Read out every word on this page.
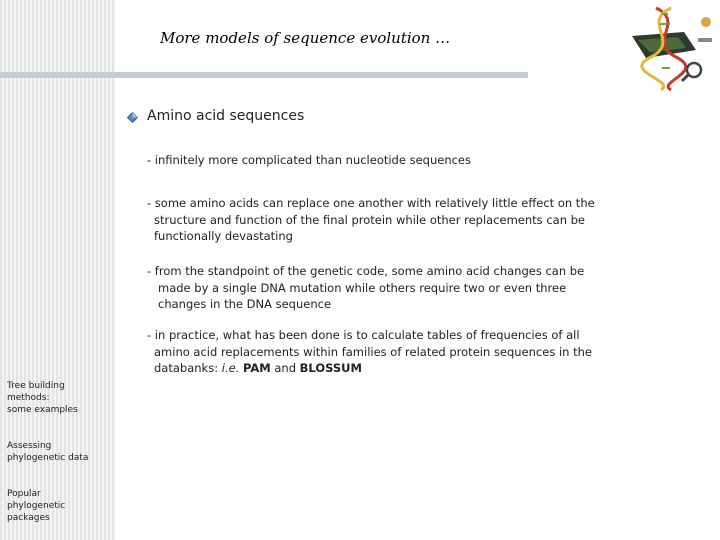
More models of sequence evolution …
Amino acid sequences
- infinitely more complicated than nucleotide sequences
- some amino acids can replace one another with relatively little effect on the
structure and function of the final protein while other replacements can be
functionally devastating
- from the standpoint of the genetic code, some amino acid changes can be
made by a single DNA mutation while others require two or even three
changes in the DNA sequence
- in practice, what has been done is to calculate tables of frequencies of all
amino acid replacements within families of related protein sequences in the
databanks: i.e. PAM and BLOSSUM
Tree building
methods:
some examples
Assessing
phylogenetic data
Popular
phylogenetic
packages
